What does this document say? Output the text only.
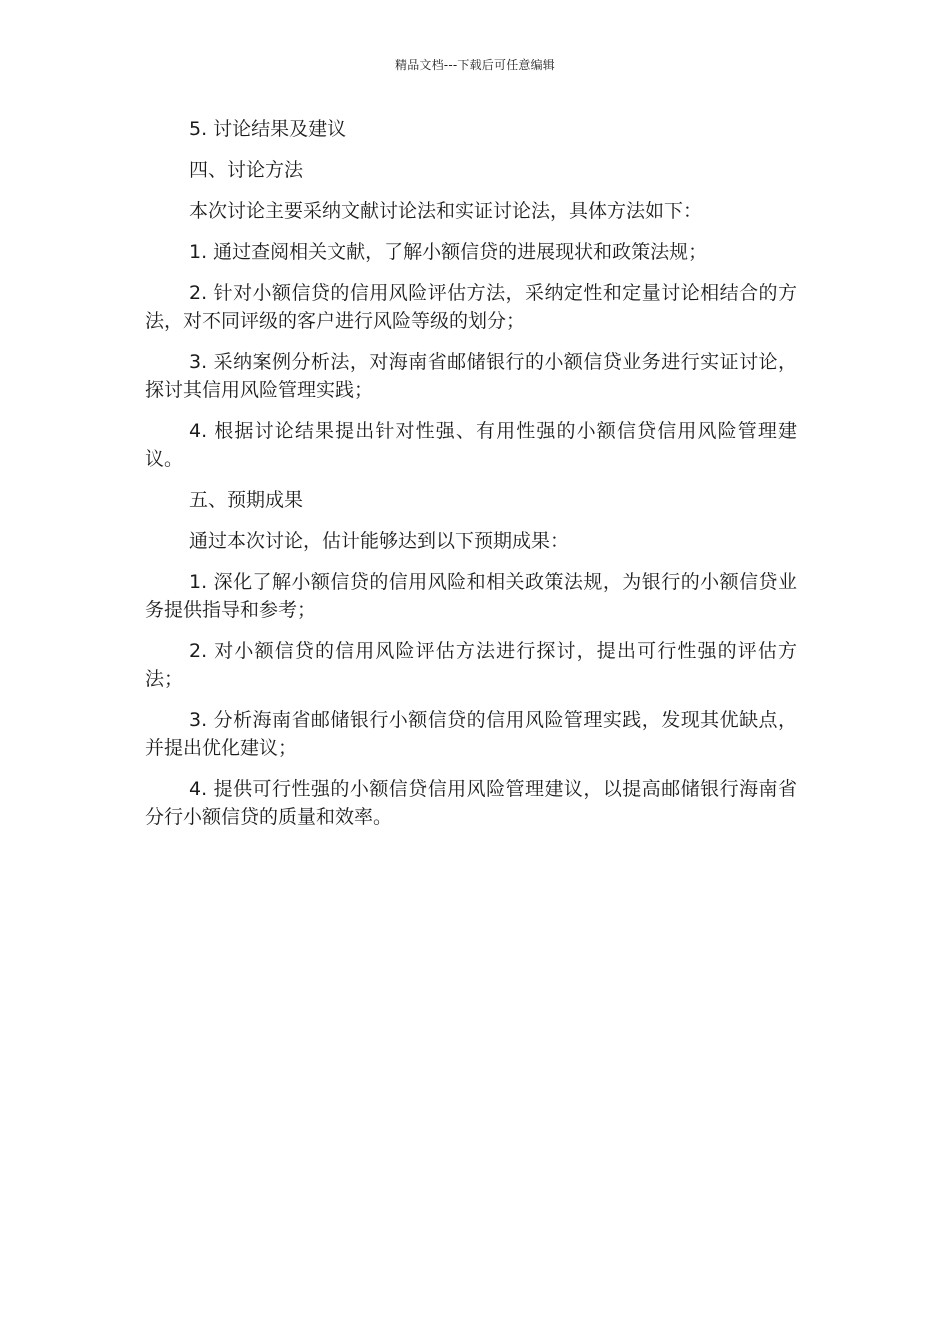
精品文档---下载后可任意编辑

5. 讨论结果及建议

四、讨论方法

本次讨论主要采纳文献讨论法和实证讨论法，具体方法如下：

1. 通过查阅相关文献，了解小额信贷的进展现状和政策法规；

2. 针对小额信贷的信用风险评估方法，采纳定性和定量讨论相结合的方法，对不同评级的客户进行风险等级的划分；

3. 采纳案例分析法，对海南省邮储银行的小额信贷业务进行实证讨论，探讨其信用风险管理实践；

4. 根据讨论结果提出针对性强、有用性强的小额信贷信用风险管理建议。

五、预期成果

通过本次讨论，估计能够达到以下预期成果：

1. 深化了解小额信贷的信用风险和相关政策法规，为银行的小额信贷业务提供指导和参考；

2. 对小额信贷的信用风险评估方法进行探讨，提出可行性强的评估方法；

3. 分析海南省邮储银行小额信贷的信用风险管理实践，发现其优缺点，并提出优化建议；

4. 提供可行性强的小额信贷信用风险管理建议，以提高邮储银行海南省分行小额信贷的质量和效率。
